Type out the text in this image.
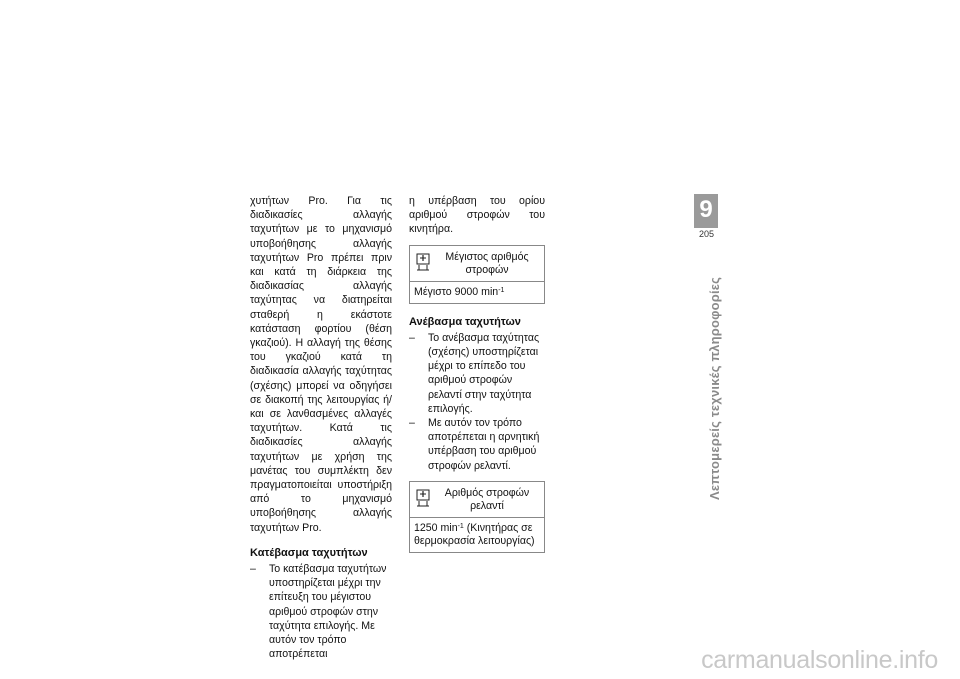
χυτήτων Pro. Για τις διαδικασίες αλλαγής ταχυτήτων με το μηχανισμό υποβοήθησης αλλαγής ταχυτήτων Pro πρέπει πριν και κατά τη διάρκεια της διαδικασίας αλλαγής ταχύτητας να διατηρείται σταθερή η εκάστοτε κατάσταση φορτίου (θέση γκαζιού). Η αλλαγή της θέσης του γκαζιού κατά τη διαδικασία αλλαγής ταχύτητας (σχέσης) μπορεί να οδηγήσει σε διακοπή της λειτουργίας ή/και σε λανθασμένες αλλαγές ταχυτήτων. Κατά τις διαδικασίες αλλαγής ταχυτήτων με χρήση της μανέτας του συμπλέκτη δεν πραγματοποιείται υποστήριξη από το μηχανισμό υποβοήθησης αλλαγής ταχυτήτων Pro.

Κατέβασμα ταχυτήτων

– Το κατέβασμα ταχυτήτων υποστηρίζεται μέχρι την επίτευξη του μέγιστου αριθμού στροφών στην ταχύτητα επιλογής. Με αυτόν τον τρόπο αποτρέπεται

η υπέρβαση του ορίου αριθμού στροφών του κινητήρα.

Μέγιστος αριθμός στροφών
Μέγιστο 9000 $\min^{-1}$

Ανέβασμα ταχυτήτων

– Το ανέβασμα ταχύτητας (σχέσης) υποστηρίζεται μέχρι το επίπεδο του αριθμού στροφών ρελαντί στην ταχύτητα επιλογής.
– Με αυτόν τον τρόπο αποτρέπεται η αρνητική υπέρβαση του αριθμού στροφών ρελαντί.
Αριθμός στροφών ρελαντί
1250 $\min^{-1} (K\iota\nu\eta\tau ή\rho\alpha\varsigma$ σε θερμοκρασία λειτουργίας)
9
205
Λεπτομερείς τεχνικές πληροφορίες
carmanualsonline.info
